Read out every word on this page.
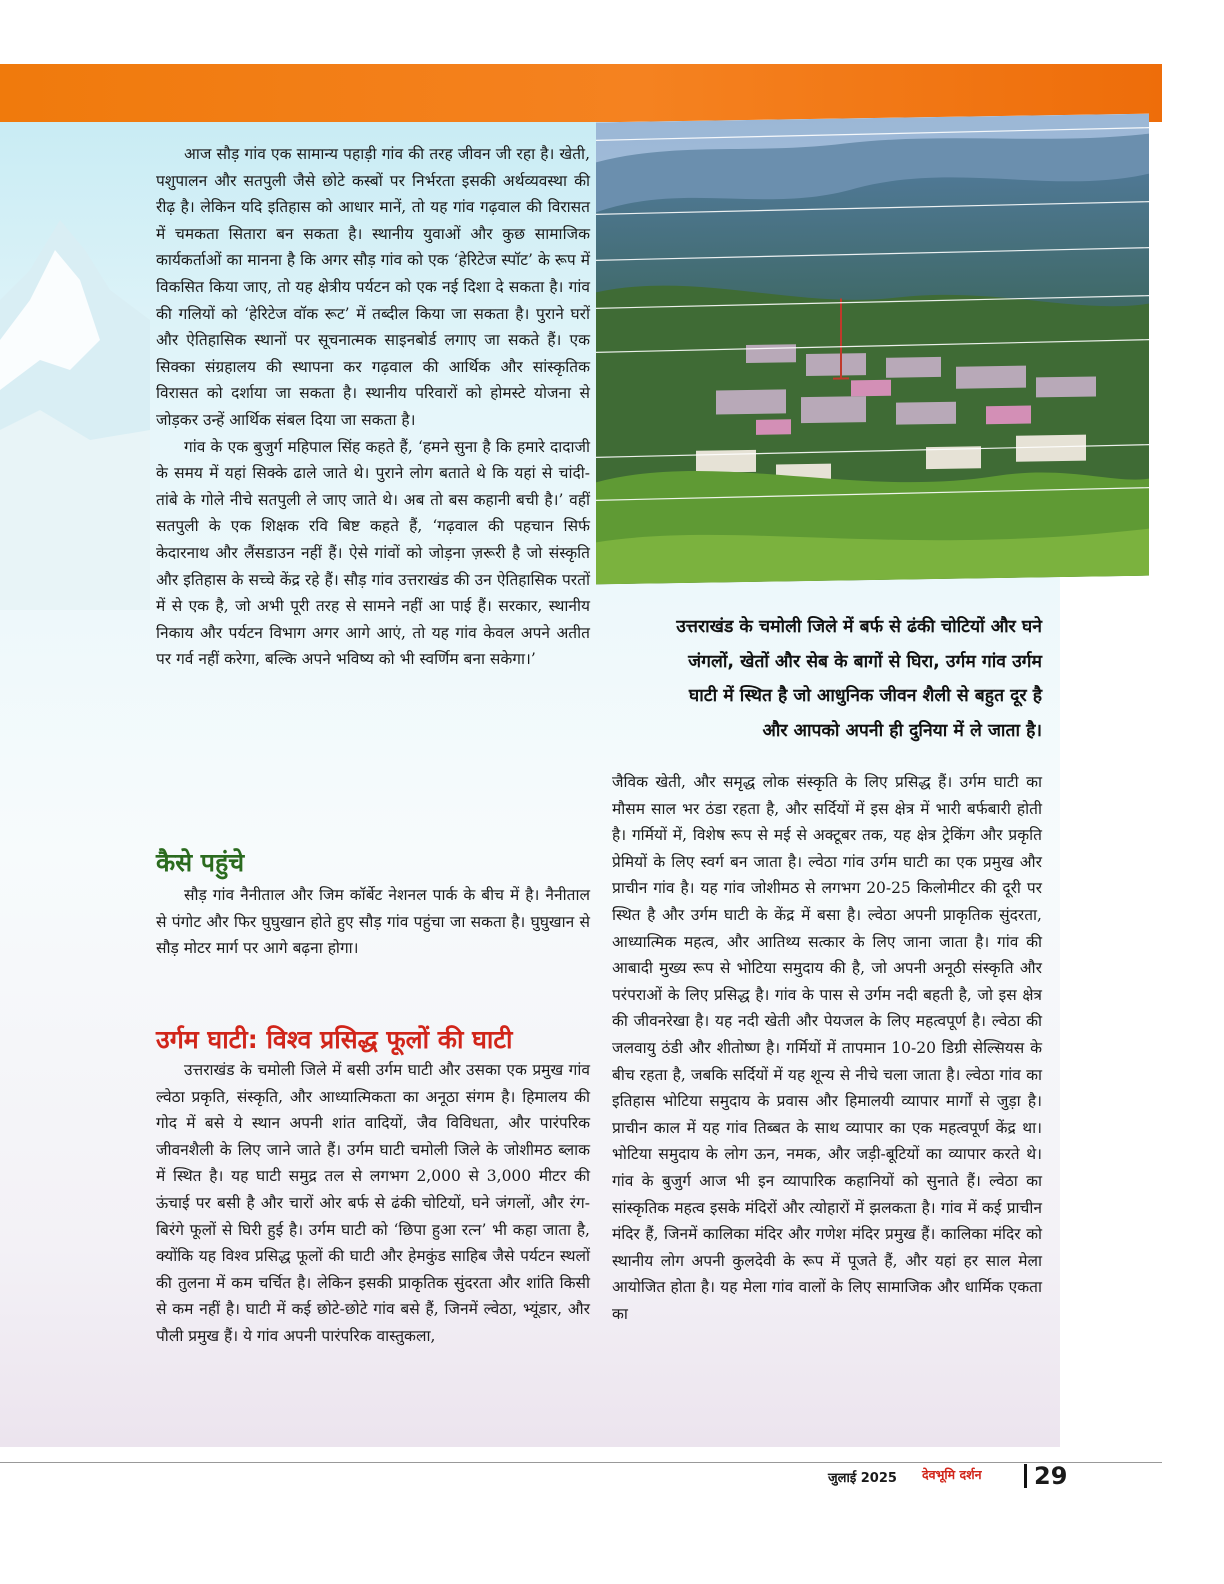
आज सौड़ गांव एक सामान्य पहाड़ी गांव की तरह जीवन जी रहा है। खेती, पशुपालन और सतपुली जैसे छोटे कस्बों पर निर्भरता इसकी अर्थव्यवस्था की रीढ़ है। लेकिन यदि इतिहास को आधार मानें, तो यह गांव गढ़वाल की विरासत में चमकता सितारा बन सकता है। स्थानीय युवाओं और कुछ सामाजिक कार्यकर्ताओं का मानना है कि अगर सौड़ गांव को एक ‘हेरिटेज स्पॉट’ के रूप में विकसित किया जाए, तो यह क्षेत्रीय पर्यटन को एक नई दिशा दे सकता है। गांव की गलियों को ‘हेरिटेज वॉक रूट’ में तब्दील किया जा सकता है। पुराने घरों और ऐतिहासिक स्थानों पर सूचनात्मक साइनबोर्ड लगाए जा सकते हैं। एक सिक्का संग्रहालय की स्थापना कर गढ़वाल की आर्थिक और सांस्कृतिक विरासत को दर्शाया जा सकता है। स्थानीय परिवारों को होमस्टे योजना से जोड़कर उन्हें आर्थिक संबल दिया जा सकता है।

गांव के एक बुजुर्ग महिपाल सिंह कहते हैं, ‘हमने सुना है कि हमारे दादाजी के समय में यहां सिक्के ढाले जाते थे। पुराने लोग बताते थे कि यहां से चांदी-तांबे के गोले नीचे सतपुली ले जाए जाते थे। अब तो बस कहानी बची है।’ वहीं सतपुली के एक शिक्षक रवि बिष्ट कहते हैं, ‘गढ़वाल की पहचान सिर्फ केदारनाथ और लैंसडाउन नहीं हैं। ऐसे गांवों को जोड़ना ज़रूरी है जो संस्कृति और इतिहास के सच्चे केंद्र रहे हैं। सौड़ गांव उत्तराखंड की उन ऐतिहासिक परतों में से एक है, जो अभी पूरी तरह से सामने नहीं आ पाई हैं। सरकार, स्थानीय निकाय और पर्यटन विभाग अगर आगे आएं, तो यह गांव केवल अपने अतीत पर गर्व नहीं करेगा, बल्कि अपने भविष्य को भी स्वर्णिम बना सकेगा।’

कैसे पहुंचे

सौड़ गांव नैनीताल और जिम कॉर्बेट नेशनल पार्क के बीच में है। नैनीताल से पंगोट और फिर घुघुखान होते हुए सौड़ गांव पहुंचा जा सकता है। घुघुखान से सौड़ मोटर मार्ग पर आगे बढ़ना होगा।

उर्गम घाटी: विश्व प्रसिद्ध फूलों की घाटी

उत्तराखंड के चमोली जिले में बसी उर्गम घाटी और उसका एक प्रमुख गांव ल्वेठा प्रकृति, संस्कृति, और आध्यात्मिकता का अनूठा संगम है। हिमालय की गोद में बसे ये स्थान अपनी शांत वादियों, जैव विविधता, और पारंपरिक जीवनशैली के लिए जाने जाते हैं। उर्गम घाटी चमोली जिले के जोशीमठ ब्लाक में स्थित है। यह घाटी समुद्र तल से लगभग 2,000 से 3,000 मीटर की ऊंचाई पर बसी है और चारों ओर बर्फ से ढंकी चोटियों, घने जंगलों, और रंग-बिरंगे फूलों से घिरी हुई है। उर्गम घाटी को ‘छिपा हुआ रत्न’ भी कहा जाता है, क्योंकि यह विश्व प्रसिद्ध फूलों की घाटी और हेमकुंड साहिब जैसे पर्यटन स्थलों की तुलना में कम चर्चित है। लेकिन इसकी प्राकृतिक सुंदरता और शांति किसी से कम नहीं है। घाटी में कई छोटे-छोटे गांव बसे हैं, जिनमें ल्वेठा, भ्यूंडार, और पौली प्रमुख हैं। ये गांव अपनी पारंपरिक वास्तुकला,

उत्तराखंड के चमोली जिले में बर्फ से ढंकी चोटियों और घने
जंगलों, खेतों और सेब के बागों से घिरा, उर्गम गांव उर्गम
घाटी में स्थित है जो आधुनिक जीवन शैली से बहुत दूर है
और आपको अपनी ही दुनिया में ले जाता है।

जैविक खेती, और समृद्ध लोक संस्कृति के लिए प्रसिद्ध हैं। उर्गम घाटी का मौसम साल भर ठंडा रहता है, और सर्दियों में इस क्षेत्र में भारी बर्फबारी होती है। गर्मियों में, विशेष रूप से मई से अक्टूबर तक, यह क्षेत्र ट्रेकिंग और प्रकृति प्रेमियों के लिए स्वर्ग बन जाता है। ल्वेठा गांव उर्गम घाटी का एक प्रमुख और प्राचीन गांव है। यह गांव जोशीमठ से लगभग 20-25 किलोमीटर की दूरी पर स्थित है और उर्गम घाटी के केंद्र में बसा है। ल्वेठा अपनी प्राकृतिक सुंदरता, आध्यात्मिक महत्व, और आतिथ्य सत्कार के लिए जाना जाता है। गांव की आबादी मुख्य रूप से भोटिया समुदाय की है, जो अपनी अनूठी संस्कृति और परंपराओं के लिए प्रसिद्ध है। गांव के पास से उर्गम नदी बहती है, जो इस क्षेत्र की जीवनरेखा है। यह नदी खेती और पेयजल के लिए महत्वपूर्ण है। ल्वेठा की जलवायु ठंडी और शीतोष्ण है। गर्मियों में तापमान 10-20 डिग्री सेल्सियस के बीच रहता है, जबकि सर्दियों में यह शून्य से नीचे चला जाता है। ल्वेठा गांव का इतिहास भोटिया समुदाय के प्रवास और हिमालयी व्यापार मार्गों से जुड़ा है। प्राचीन काल में यह गांव तिब्बत के साथ व्यापार का एक महत्वपूर्ण केंद्र था। भोटिया समुदाय के लोग ऊन, नमक, और जड़ी-बूटियों का व्यापार करते थे। गांव के बुजुर्ग आज भी इन व्यापारिक कहानियों को सुनाते हैं। ल्वेठा का सांस्कृतिक महत्व इसके मंदिरों और त्योहारों में झलकता है। गांव में कई प्राचीन मंदिर हैं, जिनमें कालिका मंदिर और गणेश मंदिर प्रमुख हैं। कालिका मंदिर को स्थानीय लोग अपनी कुलदेवी के रूप में पूजते हैं, और यहां हर साल मेला आयोजित होता है। यह मेला गांव वालों के लिए सामाजिक और धार्मिक एकता का

जुलाई 2025 देवभूमि दर्शन 29
